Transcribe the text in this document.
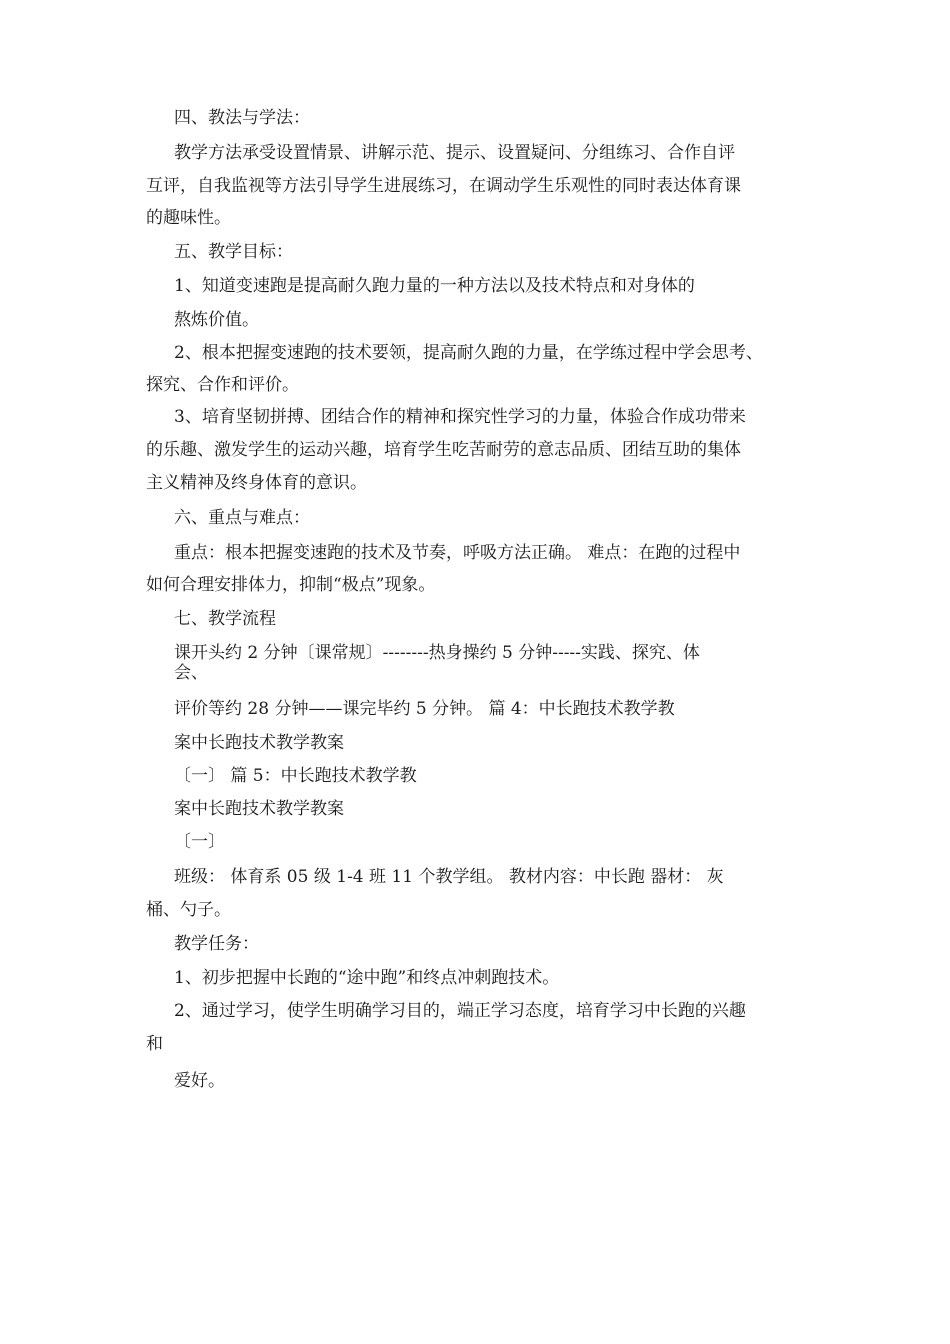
四、教法与学法：

教学方法承受设置情景、讲解示范、提示、设置疑问、分组练习、合作自评

互评，自我监视等方法引导学生进展练习，在调动学生乐观性的同时表达体育课

的趣味性。

五、教学目标：

1、知道变速跑是提高耐久跑力量的一种方法以及技术特点和对身体的

熬炼价值。

2、根本把握变速跑的技术要领，提高耐久跑的力量，在学练过程中学会思考、

探究、合作和评价。

3、培育坚韧拼搏、团结合作的精神和探究性学习的力量，体验合作成功带来

的乐趣、激发学生的运动兴趣，培育学生吃苦耐劳的意志品质、团结互助的集体

主义精神及终身体育的意识。

六、重点与难点：

重点：根本把握变速跑的技术及节奏，呼吸方法正确。 难点：在跑的过程中

如何合理安排体力，抑制“极点”现象。

七、教学流程

课开头约 2 分钟〔课常规〕--------热身操约 5 分钟-----实践、探究、体

会、

评价等约 28 分钟——课完毕约 5 分钟。 篇 4：中长跑技术教学教

案中长跑技术教学教案

〔一〕 篇 5：中长跑技术教学教

案中长跑技术教学教案

〔一〕

班级： 体育系 05 级 1-4 班 11 个教学组。 教材内容：中长跑 器材： 灰

桶、勺子。

教学任务：

1、初步把握中长跑的“途中跑”和终点冲刺跑技术。

2、通过学习，使学生明确学习目的，端正学习态度，培育学习中长跑的兴趣

和

爱好。
